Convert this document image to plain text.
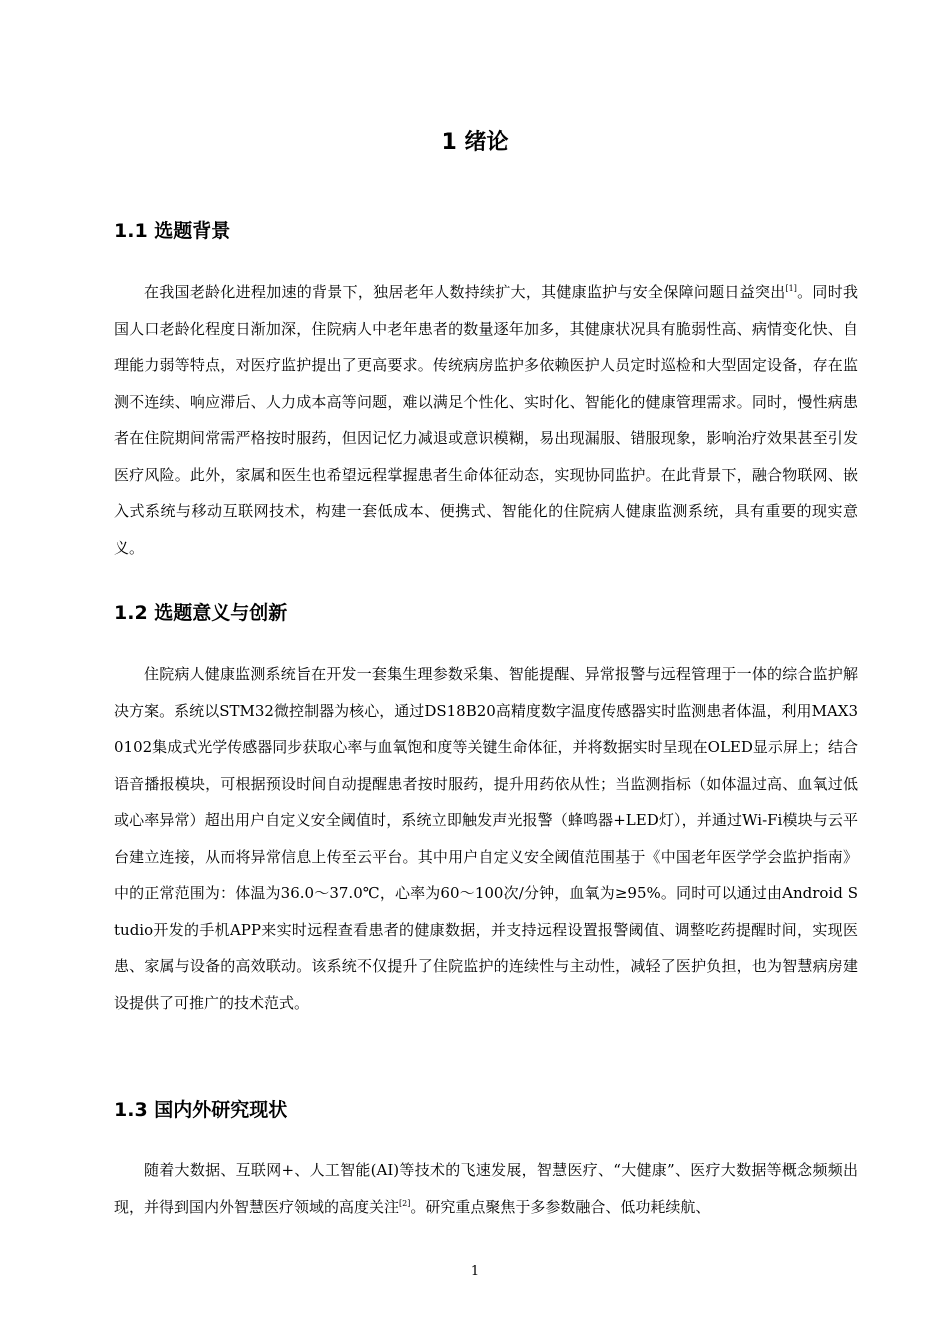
1 绪论
1.1 选题背景

在我国老龄化进程加速的背景下，独居老年人数持续扩大，其健康监护与安全保障问题日益突出[1]。同时我国人口老龄化程度日渐加深，住院病人中老年患者的数量逐年加多，其健康状况具有脆弱性高、病情变化快、自理能力弱等特点，对医疗监护提出了更高要求。传统病房监护多依赖医护人员定时巡检和大型固定设备，存在监测不连续、响应滞后、人力成本高等问题，难以满足个性化、实时化、智能化的健康管理需求。同时，慢性病患者在住院期间常需严格按时服药，但因记忆力减退或意识模糊，易出现漏服、错服现象，影响治疗效果甚至引发医疗风险。此外，家属和医生也希望远程掌握患者生命体征动态，实现协同监护。在此背景下，融合物联网、嵌入式系统与移动互联网技术，构建一套低成本、便携式、智能化的住院病人健康监测系统，具有重要的现实意义。

1.2 选题意义与创新

住院病人健康监测系统旨在开发一套集生理参数采集、智能提醒、异常报警与远程管理于一体的综合监护解决方案。系统以STM32微控制器为核心，通过DS18B20高精度数字温度传感器实时监测患者体温，利用MAX30102集成式光学传感器同步获取心率与血氧饱和度等关键生命体征，并将数据实时呈现在OLED显示屏上；结合语音播报模块，可根据预设时间自动提醒患者按时服药，提升用药依从性；当监测指标（如体温过高、血氧过低或心率异常）超出用户自定义安全阈值时，系统立即触发声光报警（蜂鸣器+LED灯），并通过Wi-Fi模块与云平台建立连接，从而将异常信息上传至云平台。其中用户自定义安全阈值范围基于《中国老年医学学会监护指南》中的正常范围为：体温为36.0～37.0℃，心率为60～100次/分钟，血氧为≥95%。同时可以通过由Android Studio开发的手机APP来实时远程查看患者的健康数据，并支持远程设置报警阈值、调整吃药提醒时间，实现医患、家属与设备的高效联动。该系统不仅提升了住院监护的连续性与主动性，减轻了医护负担，也为智慧病房建设提供了可推广的技术范式。

1.3 国内外研究现状

随着大数据、互联网+、人工智能(AI)等技术的飞速发展，智慧医疗、“大健康”、医疗大数据等概念频频出现，并得到国内外智慧医疗领域的高度关注[2]。研究重点聚焦于多参数融合、低功耗续航、

1
